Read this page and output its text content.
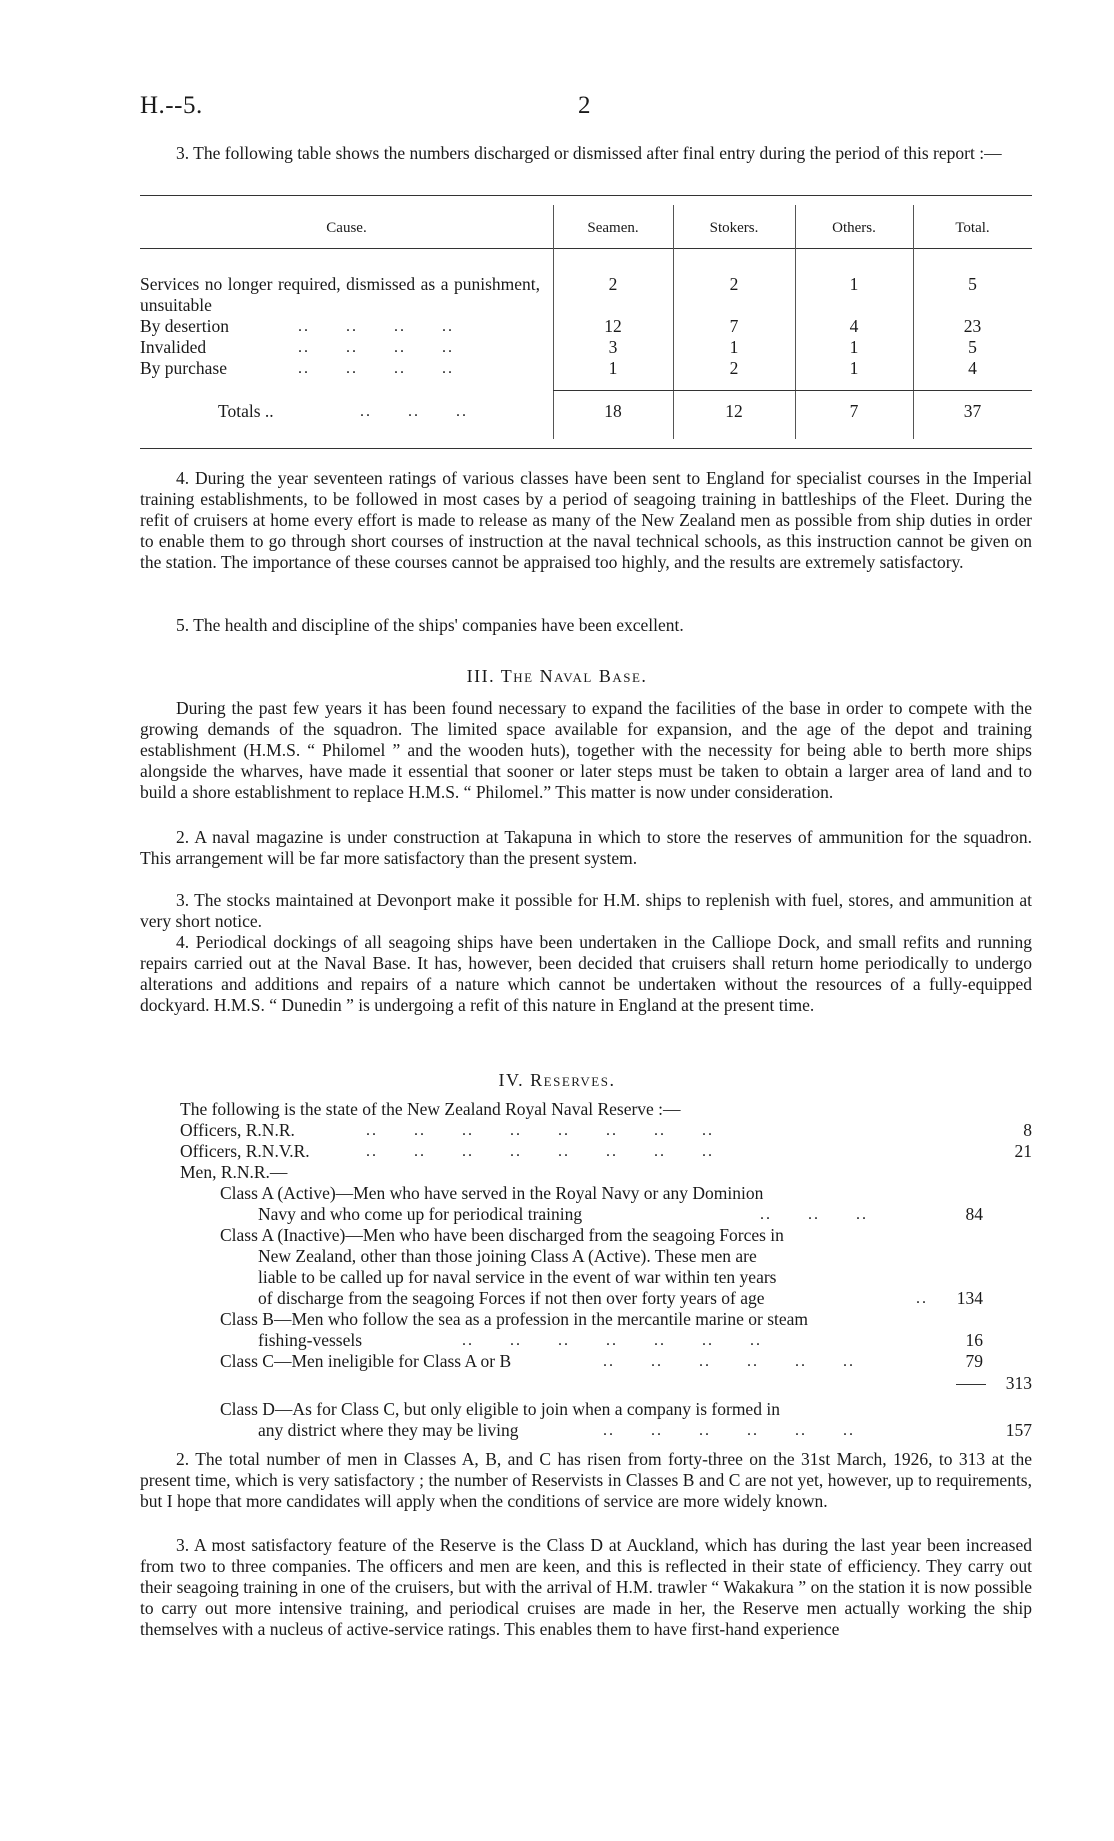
H.--5.	2

3. The following table shows the numbers discharged or dismissed after final entry during the period of this report :—

Cause.	Seamen.	Stokers.	Others.	Total.
Services no longer required, dismissed as a punishment, unsuitable
2	2	1	5
By desertion	..      ..      ..      ..	12	7	4	23
Invalided	..      ..      ..      ..	3	1	1	5
By purchase	..      ..      ..      ..	1	2	1	4
Totals ..	..      ..      ..	18	12	7	37

4. During the year seventeen ratings of various classes have been sent to England for specialist courses in the Imperial training establishments, to be followed in most cases by a period of seagoing training in battleships of the Fleet. During the refit of cruisers at home every effort is made to release as many of the New Zealand men as possible from ship duties in order to enable them to go through short courses of instruction at the naval technical schools, as this instruction cannot be given on the station. The importance of these courses cannot be appraised too highly, and the results are extremely satisfactory.

5. The health and discipline of the ships' companies have been excellent.

III. The Naval Base.

During the past few years it has been found necessary to expand the facilities of the base in order to compete with the growing demands of the squadron. The limited space available for expansion, and the age of the depot and training establishment (H.M.S. “ Philomel ” and the wooden huts), together with the necessity for being able to berth more ships alongside the wharves, have made it essential that sooner or later steps must be taken to obtain a larger area of land and to build a shore establishment to replace H.M.S. “ Philomel.” This matter is now under consideration.

2. A naval magazine is under construction at Takapuna in which to store the reserves of ammunition for the squadron. This arrangement will be far more satisfactory than the present system.

3. The stocks maintained at Devonport make it possible for H.M. ships to replenish with fuel, stores, and ammunition at very short notice.

4. Periodical dockings of all seagoing ships have been undertaken in the Calliope Dock, and small refits and running repairs carried out at the Naval Base. It has, however, been decided that cruisers shall return home periodically to undergo alterations and additions and repairs of a nature which cannot be undertaken without the resources of a fully-equipped dockyard. H.M.S. “ Dunedin ” is undergoing a refit of this nature in England at the present time.

IV. Reserves.
The following is the state of the New Zealand Royal Naval Reserve :—
Officers, R.N.R.	..      ..      ..      ..      ..      ..      ..      ..	8
Officers, R.N.V.R.	..      ..      ..      ..      ..      ..      ..      ..	21
Men, R.N.R.—
Class A (Active)—Men who have served in the Royal Navy or any Dominion
Navy and who come up for periodical training	..      ..      ..	84
Class A (Inactive)—Men who have been discharged from the seagoing Forces in
New Zealand, other than those joining Class A (Active). These men are
liable to be called up for naval service in the event of war within ten years
of discharge from the seagoing Forces if not then over forty years of age	..	134
Class B—Men who follow the sea as a profession in the mercantile marine or steam
fishing-vessels	..      ..      ..      ..      ..      ..      ..	16
Class C—Men ineligible for Class A or B	..      ..      ..      ..      ..      ..	79
313
Class D—As for Class C, but only eligible to join when a company is formed in
any district where they may be living	..      ..      ..      ..      ..      ..	157

2. The total number of men in Classes A, B, and C has risen from forty-three on the 31st March, 1926, to 313 at the present time, which is very satisfactory ; the number of Reservists in Classes B and C are not yet, however, up to requirements, but I hope that more candidates will apply when the conditions of service are more widely known.

3. A most satisfactory feature of the Reserve is the Class D at Auckland, which has during the last year been increased from two to three companies. The officers and men are keen, and this is reflected in their state of efficiency. They carry out their seagoing training in one of the cruisers, but with the arrival of H.M. trawler “ Wakakura ” on the station it is now possible to carry out more intensive training, and periodical cruises are made in her, the Reserve men actually working the ship themselves with a nucleus of active-service ratings. This enables them to have first-hand experience
